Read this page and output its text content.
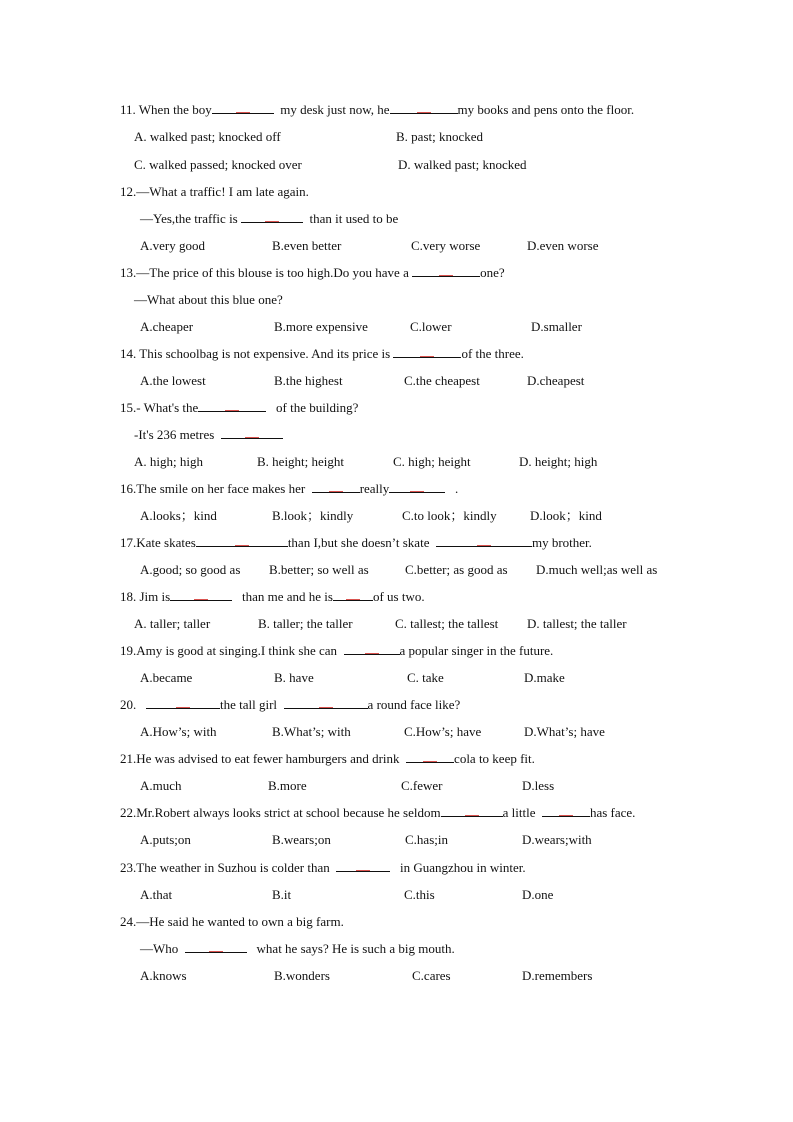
11. When the boy	my desk just now, he	my books and pens onto the floor.
A. walked past; knocked off	B. past; knocked
C. walked passed; knocked over	D. walked past; knocked
12.—What a traffic! I am late again.
—Yes,the traffic is	than it used to be
A.very good	B.even better	C.very worse	D.even worse
13.—The price of this blouse is too high.Do you have a	one?
—What about this blue one?
A.cheaper	B.more expensive	C.lower	D.smaller
14. This schoolbag is not expensive. And its price is	of the three.
A.the lowest	B.the highest	C.the cheapest	D.cheapest
15.- What's the	of the building?
-It's 236 metres
A. high; high	B. height; height	C. high; height	D. height; high
16.The smile on her face makes her	really	.
A.looks；kind	B.look；kindly	C.to look；kindly	D.look；kind
17.Kate skates	than I,but she doesn’t skate	my brother.
A.good; so good as B.better; so well as	C.better; as good as D.much well;as well as
18. Jim is	than me and he is	of us two.
A. taller; taller	B. taller; the taller	C. tallest; the tallest D. tallest; the taller
19.Amy is good at singing.I think she can	a popular singer in the future.
A.became	B. have	C. take	D.make
20.	the tall girl	a round face like?
A.How’s; with	B.What’s; with	C.How’s; have	D.What’s; have
21.He was advised to eat fewer hamburgers and drink	cola to keep fit.
A.much	B.more	C.fewer	D.less
22.Mr.Robert always looks strict at school because he seldom	a little	has face.
A.puts;on	B.wears;on	C.has;in	D.wears;with
23.The weather in Suzhou is colder than	in Guangzhou in winter.
A.that	B.it	C.this	D.one
24.—He said he wanted to own a big farm.
—Who	what he says? He is such a big mouth.
A.knows	B.wonders	C.cares	D.remembers
